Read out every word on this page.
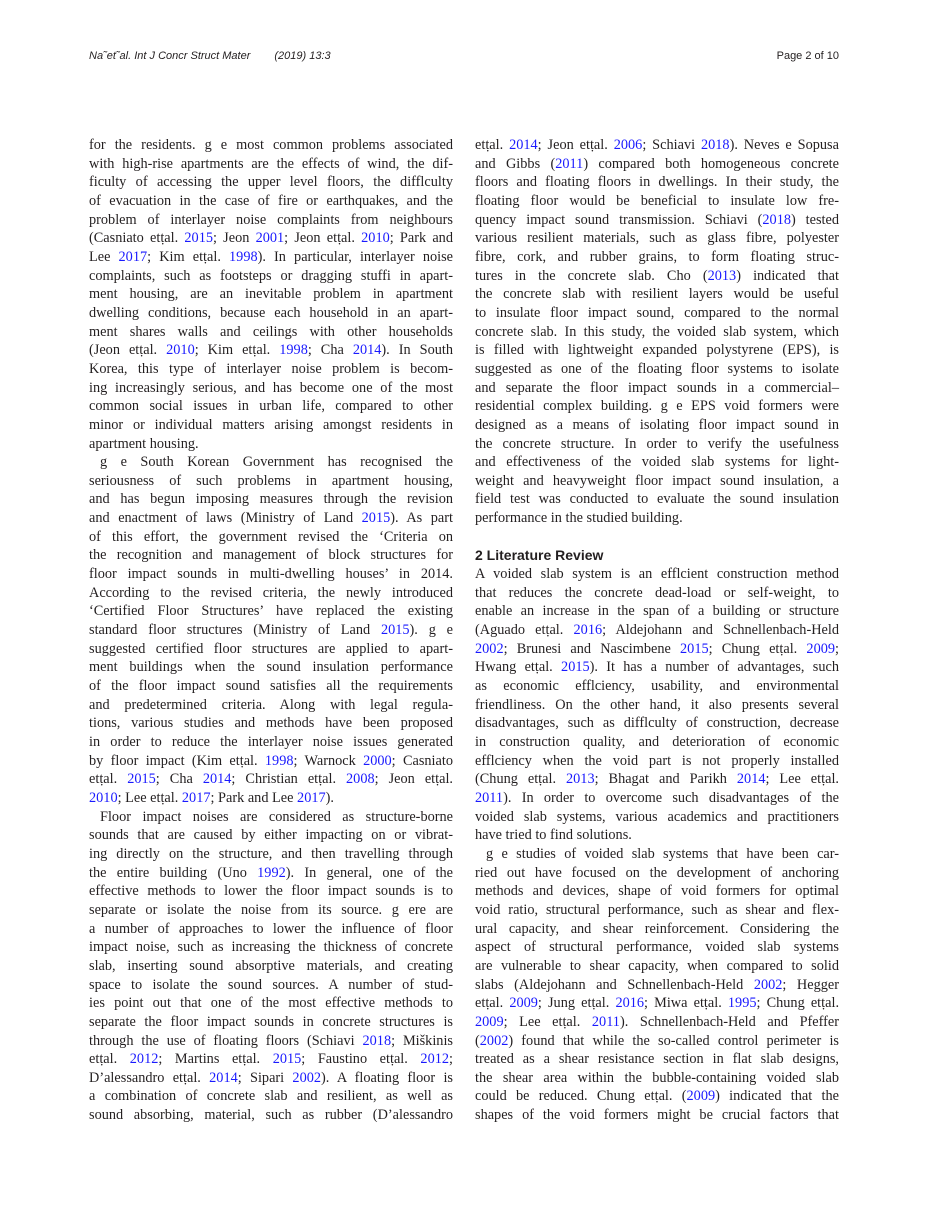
Na˜et˜al. Int J Concr Struct Mater (2019) 13:3	Page 2 of 10
for the residents. g e most common problems associated
with high-rise apartments are the effects of wind, the dif-
ficulty of accessing the upper level floors, the difflculty
of evacuation in the case of fire or earthquakes, and the
problem of interlayer noise complaints from neighbours
(Casniato etṭal. 2015; Jeon 2001; Jeon etṭal. 2010; Park and
Lee 2017; Kim etṭal. 1998). In particular, interlayer noise
complaints, such as footsteps or dragging stuffi in apart-
ment housing, are an inevitable problem in apartment
dwelling conditions, because each household in an apart-
ment shares walls and ceilings with other households
(Jeon etṭal. 2010; Kim etṭal. 1998; Cha 2014). In South
Korea, this type of interlayer noise problem is becom-
ing increasingly serious, and has become one of the most
common social issues in urban life, compared to other
minor or individual matters arising amongst residents in
apartment housing.
g e South Korean Government has recognised the
seriousness of such problems in apartment housing,
and has begun imposing measures through the revision
and enactment of laws (Ministry of Land 2015). As part
of this effort, the government revised the ‘Criteria on
the recognition and management of block structures for
floor impact sounds in multi-dwelling houses’ in 2014.
According to the revised criteria, the newly introduced
‘Certified Floor Structures’ have replaced the existing
standard floor structures (Ministry of Land 2015). g e
suggested certified floor structures are applied to apart-
ment buildings when the sound insulation performance
of the floor impact sound satisfies all the requirements
and predetermined criteria. Along with legal regula-
tions, various studies and methods have been proposed
in order to reduce the interlayer noise issues generated
by floor impact (Kim etṭal. 1998; Warnock 2000; Casniato
etṭal. 2015; Cha 2014; Christian etṭal. 2008; Jeon etṭal.
2010; Lee etṭal. 2017; Park and Lee 2017).
Floor impact noises are considered as structure-borne
sounds that are caused by either impacting on or vibrat-
ing directly on the structure, and then travelling through
the entire building (Uno 1992). In general, one of the
effective methods to lower the floor impact sounds is to
separate or isolate the noise from its source. g ere are
a number of approaches to lower the influence of floor
impact noise, such as increasing the thickness of concrete
slab, inserting sound absorptive materials, and creating
space to isolate the sound sources. A number of stud-
ies point out that one of the most effective methods to
separate the floor impact sounds in concrete structures is
through the use of floating floors (Schiavi 2018; Miškinis
etṭal. 2012; Martins etṭal. 2015; Faustino etṭal. 2012;
D’alessandro etṭal. 2014; Sipari 2002). A floating floor is
a combination of concrete slab and resilient, as well as
sound absorbing, material, such as rubber (D’alessandro
etṭal. 2014; Jeon etṭal. 2006; Schiavi 2018). Neves e Sopusa
and Gibbs (2011) compared both homogeneous concrete
floors and floating floors in dwellings. In their study, the
floating floor would be beneficial to insulate low fre-
quency impact sound transmission. Schiavi (2018) tested
various resilient materials, such as glass fibre, polyester
fibre, cork, and rubber grains, to form floating struc-
tures in the concrete slab. Cho (2013) indicated that
the concrete slab with resilient layers would be useful
to insulate floor impact sound, compared to the normal
concrete slab. In this study, the voided slab system, which
is filled with lightweight expanded polystyrene (EPS), is
suggested as one of the floating floor systems to isolate
and separate the floor impact sounds in a commercial–
residential complex building. g e EPS void formers were
designed as a means of isolating floor impact sound in
the concrete structure. In order to verify the usefulness
and effectiveness of the voided slab systems for light-
weight and heavyweight floor impact sound insulation, a
field test was conducted to evaluate the sound insulation
performance in the studied building.
2 Literature Review
A voided slab system is an efflcient construction method
that reduces the concrete dead-load or self-weight, to
enable an increase in the span of a building or structure
(Aguado etṭal. 2016; Aldejohann and Schnellenbach-Held
2002; Brunesi and Nascimbene 2015; Chung etṭal. 2009;
Hwang etṭal. 2015). It has a number of advantages, such
as economic efflciency, usability, and environmental
friendliness. On the other hand, it also presents several
disadvantages, such as difflculty of construction, decrease
in construction quality, and deterioration of economic
efflciency when the void part is not properly installed
(Chung etṭal. 2013; Bhagat and Parikh 2014; Lee etṭal.
2011). In order to overcome such disadvantages of the
voided slab systems, various academics and practitioners
have tried to find solutions.
g e studies of voided slab systems that have been car-
ried out have focused on the development of anchoring
methods and devices, shape of void formers for optimal
void ratio, structural performance, such as shear and flex-
ural capacity, and shear reinforcement. Considering the
aspect of structural performance, voided slab systems
are vulnerable to shear capacity, when compared to solid
slabs (Aldejohann and Schnellenbach-Held 2002; Hegger
etṭal. 2009; Jung etṭal. 2016; Miwa etṭal. 1995; Chung etṭal.
2009; Lee etṭal. 2011). Schnellenbach-Held and Pfeffer
(2002) found that while the so-called control perimeter is
treated as a shear resistance section in flat slab designs,
the shear area within the bubble-containing voided slab
could be reduced. Chung etṭal. (2009) indicated that the
shapes of the void formers might be crucial factors that
